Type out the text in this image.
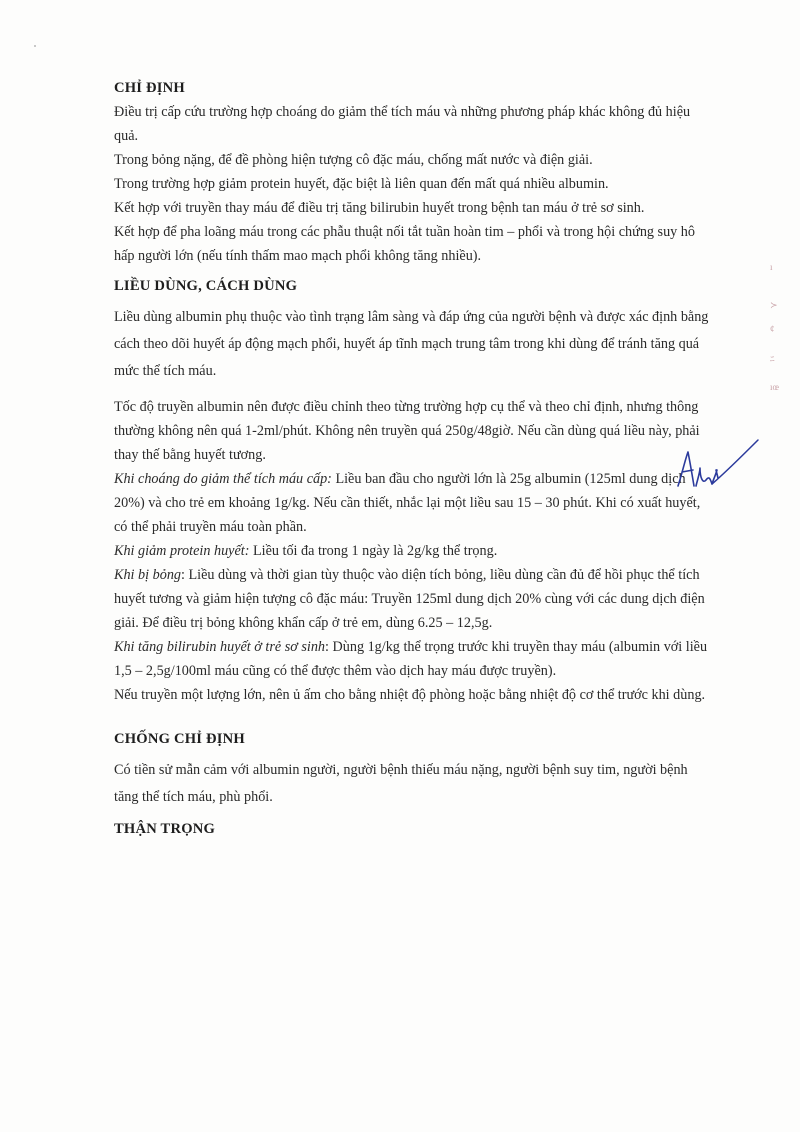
CHỈ ĐỊNH

Điều trị cấp cứu trường hợp choáng do giảm thể tích máu và những phương pháp khác không đủ hiệu quả.

Trong bỏng nặng, để đề phòng hiện tượng cô đặc máu, chống mất nước và điện giải.

Trong trường hợp giảm protein huyết, đặc biệt là liên quan đến mất quá nhiều albumin.

Kết hợp với truyền thay máu để điều trị tăng bilirubin huyết trong bệnh tan máu ở trẻ sơ sinh.

Kết hợp để pha loãng máu trong các phẫu thuật nối tắt tuần hoàn tim – phổi và trong hội chứng suy hô hấp người lớn (nếu tính thấm mao mạch phổi không tăng nhiều).

LIỀU DÙNG, CÁCH DÙNG

Liều dùng albumin phụ thuộc vào tình trạng lâm sàng và đáp ứng của người bệnh và được xác định bằng cách theo dõi huyết áp động mạch phổi, huyết áp tĩnh mạch trung tâm trong khi dùng để tránh tăng quá mức thể tích máu.

Tốc độ truyền albumin nên được điều chỉnh theo từng trường hợp cụ thể và theo chỉ định, nhưng thông thường không nên quá 1-2ml/phút. Không nên truyền quá 250g/48giờ. Nếu cần dùng quá liều này, phải thay thế bằng huyết tương.

Khi choáng do giảm thể tích máu cấp: Liều ban đầu cho người lớn là 25g albumin (125ml dung dịch 20%) và cho trẻ em khoảng 1g/kg. Nếu cần thiết, nhắc lại một liều sau 15 – 30 phút. Khi có xuất huyết, có thể phải truyền máu toàn phần.

Khi giảm protein huyết: Liều tối đa trong 1 ngày là 2g/kg thể trọng.

Khi bị bỏng: Liều dùng và thời gian tùy thuộc vào diện tích bỏng, liều dùng cần đủ để hồi phục thể tích huyết tương và giảm hiện tượng cô đặc máu: Truyền 125ml dung dịch 20% cùng với các dung dịch điện giải. Để điều trị bỏng không khẩn cấp ở trẻ em, dùng 6.25 – 12,5g.

Khi tăng bilirubin huyết ở trẻ sơ sinh: Dùng 1g/kg thể trọng trước khi truyền thay máu (albumin với liều 1,5 – 2,5g/100ml máu cũng có thể được thêm vào dịch hay máu được truyền).

Nếu truyền một lượng lớn, nên ủ ấm cho bằng nhiệt độ phòng hoặc bằng nhiệt độ cơ thể trước khi dùng.

CHỐNG CHỈ ĐỊNH

Có tiền sử mẫn cảm với albumin người, người bệnh thiếu máu nặng, người bệnh suy tim, người bệnh tăng thể tích máu, phù phổi.

THẬN TRỌNG
ı
≻
¢
ﾆ
ıœ
